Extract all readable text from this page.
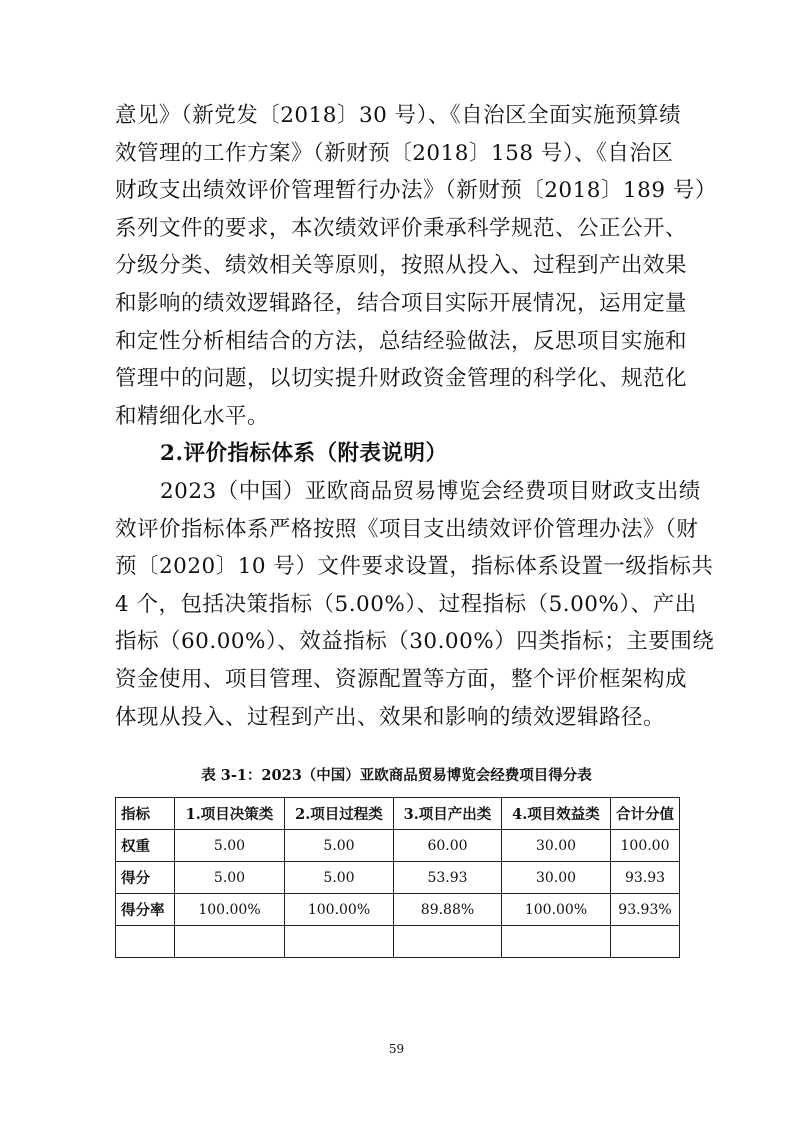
意见》（新党发〔2018〕30 号）、《自治区全面实施预算绩
效管理的工作方案》（新财预〔2018〕158 号）、《自治区
财政支出绩效评价管理暂行办法》（新财预〔2018〕189 号）
系列文件的要求，本次绩效评价秉承科学规范、公正公开、
分级分类、绩效相关等原则，按照从投入、过程到产出效果
和影响的绩效逻辑路径，结合项目实际开展情况，运用定量
和定性分析相结合的方法，总结经验做法，反思项目实施和
管理中的问题，以切实提升财政资金管理的科学化、规范化
和精细化水平。
2.评价指标体系（附表说明）
2023（中国）亚欧商品贸易博览会经费项目财政支出绩
效评价指标体系严格按照《项目支出绩效评价管理办法》（财
预〔2020〕10 号）文件要求设置，指标体系设置一级指标共
4 个，包括决策指标（5.00%）、过程指标（5.00%）、产出
指标（60.00%）、效益指标（30.00%）四类指标；主要围绕
资金使用、项目管理、资源配置等方面，整个评价框架构成
体现从投入、过程到产出、效果和影响的绩效逻辑路径。
表 3-1：2023（中国）亚欧商品贸易博览会经费项目得分表
指标	1.项目决策类	2.项目过程类	3.项目产出类	4.项目效益类	合计分值
权重	5.00	5.00	60.00	30.00	100.00
得分	5.00	5.00	53.93	30.00	93.93
得分率	100.00%	100.00%	89.88%	100.00%	93.93%

59
